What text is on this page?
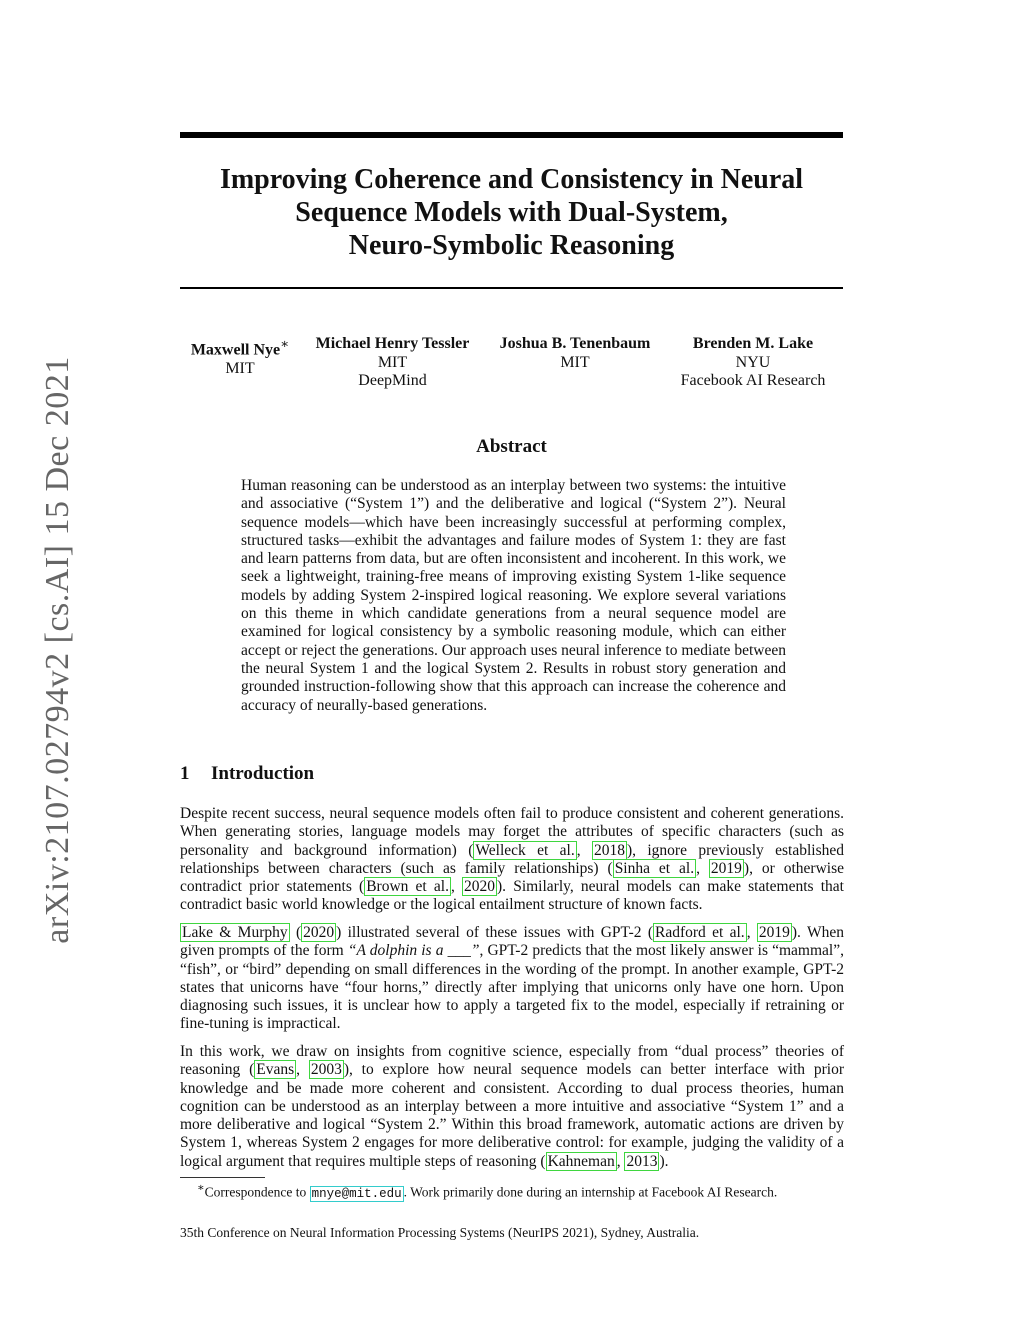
arXiv:2107.02794v2 [cs.AI] 15 Dec 2021
Improving Coherence and Consistency in Neural
Sequence Models with Dual-System,
Neuro-Symbolic Reasoning
Maxwell Nye∗
MIT
Michael Henry Tessler
MIT
DeepMind
Joshua B. Tenenbaum
MIT
Brenden M. Lake
NYU
Facebook AI Research
Abstract

Human reasoning can be understood as an interplay between two systems: the intuitive and associative (“System 1”) and the deliberative and logical (“System 2”). Neural sequence models—which have been increasingly successful at performing complex, structured tasks—exhibit the advantages and failure modes of System 1: they are fast and learn patterns from data, but are often inconsistent and incoherent. In this work, we seek a lightweight, training-free means of improving existing System 1-like sequence models by adding System 2-inspired logical reasoning. We explore several variations on this theme in which candidate generations from a neural sequence model are examined for logical consistency by a symbolic reasoning module, which can either accept or reject the generations. Our approach uses neural inference to mediate between the neural System 1 and the logical System 2. Results in robust story generation and grounded instruction-following show that this approach can increase the coherence and accuracy of neurally-based generations.

1 Introduction

Despite recent success, neural sequence models often fail to produce consistent and coherent generations. When generating stories, language models may forget the attributes of specific characters (such as personality and background information) ( Welleck et al. , 2018 ), ignore previously established relationships between characters (such as family relationships) ( Sinha et al. , 2019 ), or otherwise contradict prior statements ( Brown et al. , 2020 ). Similarly, neural models can make statements that contradict basic world knowledge or the logical entailment structure of known facts.

Lake & Murphy ( 2020 ) illustrated several of these issues with GPT-2 ( Radford et al. , 2019 ). When given prompts of the form “A dolphin is a ___”, GPT-2 predicts that the most likely answer is “mammal”, “fish”, or “bird” depending on small differences in the wording of the prompt. In another example, GPT-2 states that unicorns have “four horns,” directly after implying that unicorns only have one horn. Upon diagnosing such issues, it is unclear how to apply a targeted fix to the model, especially if retraining or fine-tuning is impractical.

In this work, we draw on insights from cognitive science, especially from “dual process” theories of reasoning ( Evans , 2003 ), to explore how neural sequence models can better interface with prior knowledge and be made more coherent and consistent. According to dual process theories, human cognition can be understood as an interplay between a more intuitive and associative “System 1” and a more deliberative and logical “System 2.” Within this broad framework, automatic actions are driven by System 1, whereas System 2 engages for more deliberative control: for example, judging the validity of a logical argument that requires multiple steps of reasoning ( Kahneman , 2013 ).

∗Correspondence to mnye@mit.edu . Work primarily done during an internship at Facebook AI Research.

35th Conference on Neural Information Processing Systems (NeurIPS 2021), Sydney, Australia.
